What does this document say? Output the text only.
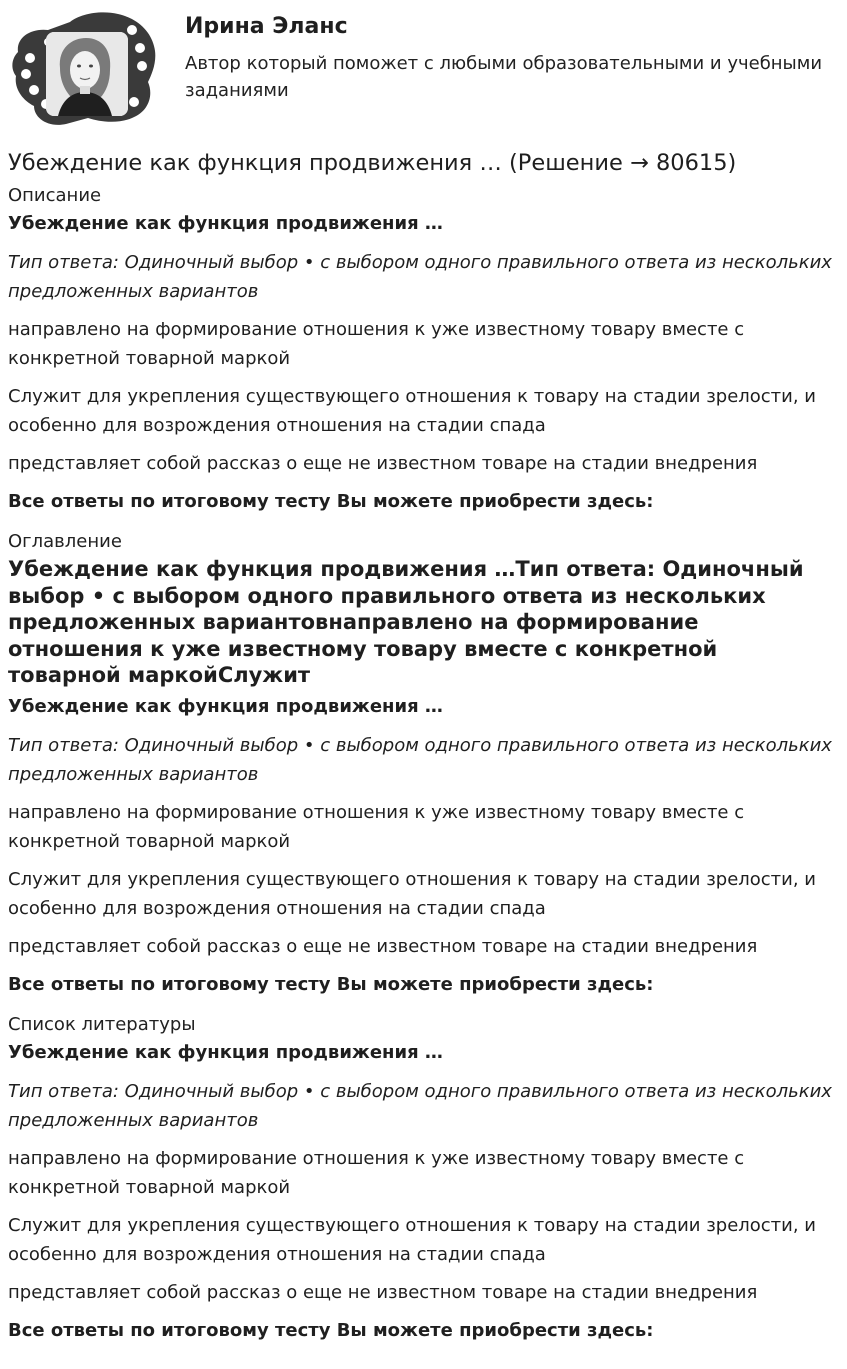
Ирина Эланс

Автор который поможет с любыми образовательными и учебными заданиями

Убеждение как функция продвижения … (Решение → 80615)

Описание

Убеждение как функция продвижения …

Тип ответа: Одиночный выбор • с выбором одного правильного ответа из нескольких предложенных вариантов

направлено на формирование отношения к уже известному товару вместе с конкретной товарной маркой

Служит для укрепления существующего отношения к товару на стадии зрелости, и особенно для возрождения отношения на стадии спада

представляет собой рассказ о еще не известном товаре на стадии внедрения

Все ответы по итоговому тесту Вы можете приобрести здесь:

Оглавление

Убеждение как функция продвижения …Тип ответа: Одиночный выбор • с выбором одного правильного ответа из нескольких предложенных вариантовнаправлено на формирование отношения к уже известному товару вместе с конкретной товарной маркойСлужит

Убеждение как функция продвижения …

Тип ответа: Одиночный выбор • с выбором одного правильного ответа из нескольких предложенных вариантов

направлено на формирование отношения к уже известному товару вместе с конкретной товарной маркой

Служит для укрепления существующего отношения к товару на стадии зрелости, и особенно для возрождения отношения на стадии спада

представляет собой рассказ о еще не известном товаре на стадии внедрения

Все ответы по итоговому тесту Вы можете приобрести здесь:

Список литературы

Убеждение как функция продвижения …

Тип ответа: Одиночный выбор • с выбором одного правильного ответа из нескольких предложенных вариантов

направлено на формирование отношения к уже известному товару вместе с конкретной товарной маркой

Служит для укрепления существующего отношения к товару на стадии зрелости, и особенно для возрождения отношения на стадии спада

представляет собой рассказ о еще не известном товаре на стадии внедрения

Все ответы по итоговому тесту Вы можете приобрести здесь:
